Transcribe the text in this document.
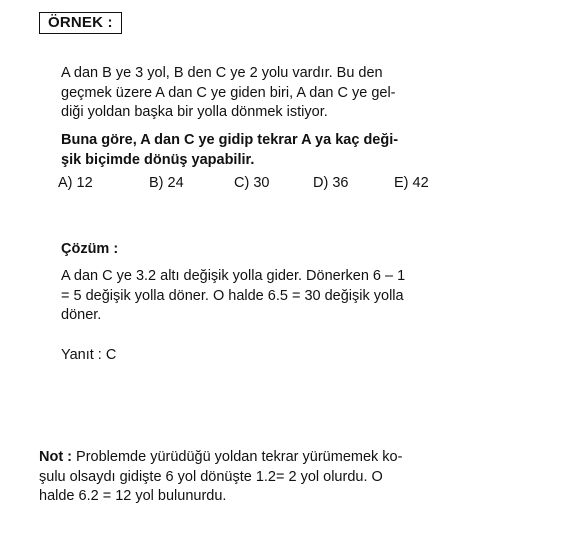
ÖRNEK :
A dan B ye 3 yol, B den C ye 2 yolu vardır. Bu den
geçmek üzere A dan C ye giden biri, A dan C ye gel-
diği yoldan başka bir yolla dönmek istiyor.
Buna göre, A dan C ye gidip tekrar A ya kaç deği-
şik biçimde dönüş yapabilir.
A) 12	B) 24	C) 30	D) 36	E) 42
Çözüm :
A dan C ye 3.2 altı değişik yolla gider. Dönerken 6 – 1
= 5 değişik yolla döner. O halde 6.5 = 30 değişik yolla
döner.
Yanıt : C
Not : Problemde yürüdüğü yoldan tekrar yürümemek ko-
şulu olsaydı gidişte 6 yol dönüşte 1.2= 2 yol olurdu. O
halde 6.2 = 12 yol bulunurdu.
